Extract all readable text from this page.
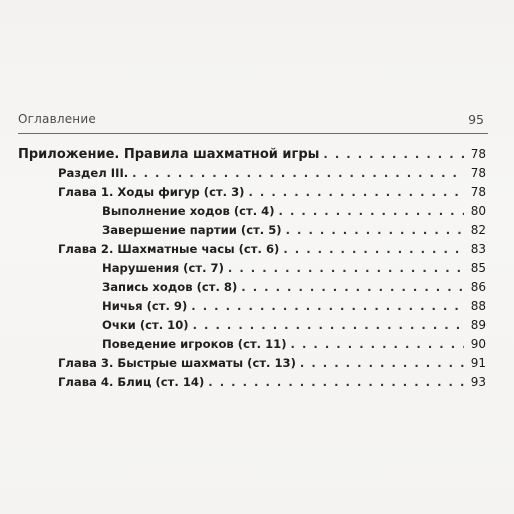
Оглавление	95
Приложение. Правила шахматной игры . . .	78
Раздел III. . . .	78
Глава 1. Ходы фигур (ст. 3) . . .	78
Выполнение ходов (ст. 4) . . .	80
Завершение партии (ст. 5) . . .	82
Глава 2. Шахматные часы (ст. 6) . . .	83
Нарушения (ст. 7) . . .	85
Запись ходов (ст. 8) . . .	86
Ничья (ст. 9) . . .	88
Очки (ст. 10) . . .	89
Поведение игроков (ст. 11) . . .	90
Глава 3. Быстрые шахматы (ст. 13) . . .	91
Глава 4. Блиц (ст. 14) . . .	93
